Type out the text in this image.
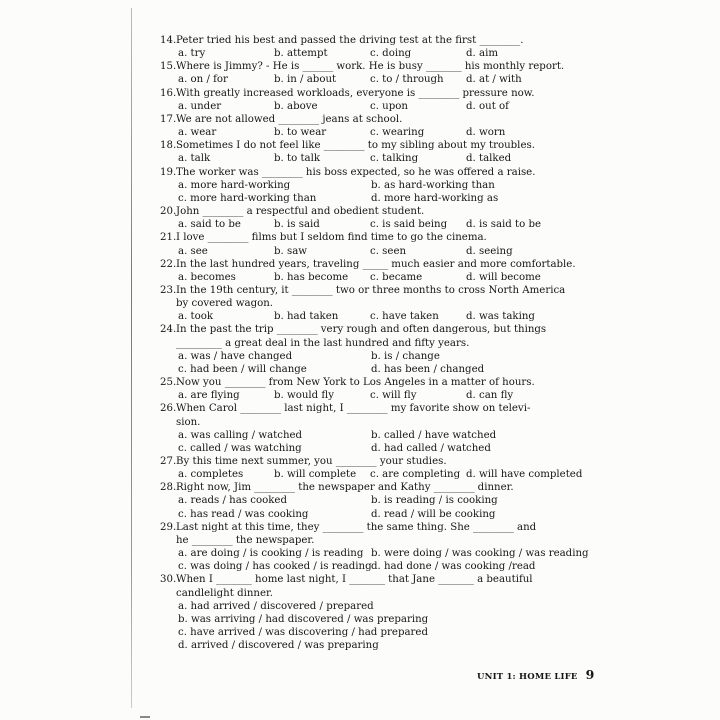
14. Peter tried his best and passed the driving test at the first ________.
a. try	b. attempt	c. doing	d. aim
15. Where is Jimmy? - He is ______ work. He is busy _______ his monthly report.
a. on / for	b. in / about	c. to / through	d. at / with
16. With greatly increased workloads, everyone is ________ pressure now.
a. under	b. above	c. upon	d. out of
17. We are not allowed ________ jeans at school.
a. wear	b. to wear	c. wearing	d. worn
18. Sometimes I do not feel like ________ to my sibling about my troubles.
a. talk	b. to talk	c. talking	d. talked
19. The worker was ________ his boss expected, so he was offered a raise.
a. more hard-working	b. as hard-working than
c. more hard-working than	d. more hard-working as
20. John ________ a respectful and obedient student.
a. said to be	b. is said	c. is said being	d. is said to be
21. I love ________ films but I seldom find time to go the cinema.
a. see	b. saw	c. seen	d. seeing
22. In the last hundred years, traveling _____ much easier and more comfortable.
a. becomes	b. has become	c. became	d. will become
23. In the 19th century, it ________ two or three months to cross North America
by covered wagon.
a. took	b. had taken	c. have taken	d. was taking
24. In the past the trip ________ very rough and often dangerous, but things
_________ a great deal in the last hundred and fifty years.
a. was / have changed	b. is / change
c. had been / will change	d. has been / changed
25. Now you ________ from New York to Los Angeles in a matter of hours.
a. are flying	b. would fly	c. will fly	d. can fly
26. When Carol ________ last night, I ________ my favorite show on televi-
sion.
a. was calling / watched	b. called / have watched
c. called / was watching	d. had called / watched
27. By this time next summer, you ________ your studies.
a. completes	b. will complete	c. are completing d. will have completed
28. Right now, Jim ________ the newspaper and Kathy ________ dinner.
a. reads / has cooked	b. is reading / is cooking
c. has read / was cooking	d. read / will be cooking
29. Last night at this time, they ________ the same thing. She ________ and
he ________ the newspaper.
a. are doing / is cooking / is reading b. were doing / was cooking / was reading
c. was doing / has cooked / is reading d. had done / was cooking /read
30. When I _______ home last night, I _______ that Jane _______ a beautiful
candlelight dinner.
a. had arrived / discovered / prepared
b. was arriving / had discovered / was preparing
c. have arrived / was discovering / had prepared
d. arrived / discovered / was preparing
UNIT 1: HOME LIFE 9
